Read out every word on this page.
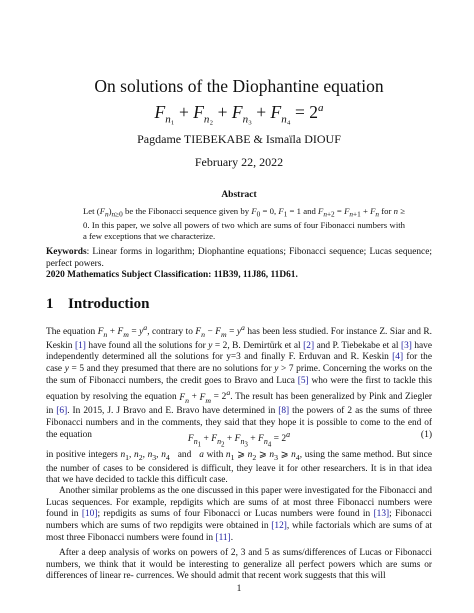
On solutions of the Diophantine equation
$F_{n_1} + F_{n_2} + F_{n_3} + F_{n_4} = 2^a$
Pagdame TIEBEKABE & Ismaïla DIOUF
February 22, 2022
Abstract
Let $(F_n)_{n\ge 0}$ be the Fibonacci sequence given by $F_0 = 0$, $F_1 = 1$ and $F_{n+2} = F_{n+1} + F_n$ for n ≥ 0. In this paper, we solve all powers of two which are sums of four Fibonacci numbers with a few exceptions that we characterize.
Keywords: Linear forms in logarithm; Diophantine equations; Fibonacci sequence; Lucas sequence; perfect powers.
2020 Mathematics Subject Classification: 11B39, 11J86, 11D61.
1 Introduction
The equation $F_n + F_m = y^a$, contrary to $F_n - F_m = y^a$ has been less studied. For instance Z. Siar and R. Keskin [1] have found all the solutions for y = 2, B. Demirtürk et al [2] and P. Tiebekabe et al [3] have independently determined all the solutions for y=3 and finally F. Erduvan and R. Keskin [4] for the case y = 5 and they presumed that there are no solutions for y > 7 prime. Concerning the works on the the sum of Fibonacci numbers, the credit goes to Bravo and Luca [5] who were the first to tackle this equation by resolving the equation $F_n + F_m = 2^a$. The result has been generalized by Pink and Ziegler in [6]. In 2015, J. J Bravo and E. Bravo have determined in [8] the powers of 2 as the sums of three Fibonacci numbers and in the comments, they said that they hope it is possible to come to the end of the equation	$F_{n_1} + F_{n_2} + F_{n_3} + F_{n_4} = 2^a$	(1)
in positive integers $n_1$, $n_2$, $n_3$, $n_4$   and   a with $n_1$ ⩾ $n_2$ ⩾ $n_3$ ⩾ $n_4$, using the same method. But since the number of cases to be considered is difficult, they leave it for other researchers. It is in that idea that we have decided to tackle this difficult case.
Another similar problems as the one discussed in this paper were investigated for the Fibonacci and Lucas sequences. For example, repdigits which are sums of at most three Fibonacci numbers were found in [10]; repdigits as sums of four Fibonacci or Lucas numbers were found in [13]; Fibonacci numbers which are sums of two repdigits were obtained in [12], while factorials which are sums of at most three Fibonacci numbers were found in [11].
After a deep analysis of works on powers of 2, 3 and 5 as sums/differences of Lucas or Fibonacci numbers, we think that it would be interesting to generalize all perfect powers which are sums or differences of linear re- currences. We should admit that recent work suggests that this will
1
